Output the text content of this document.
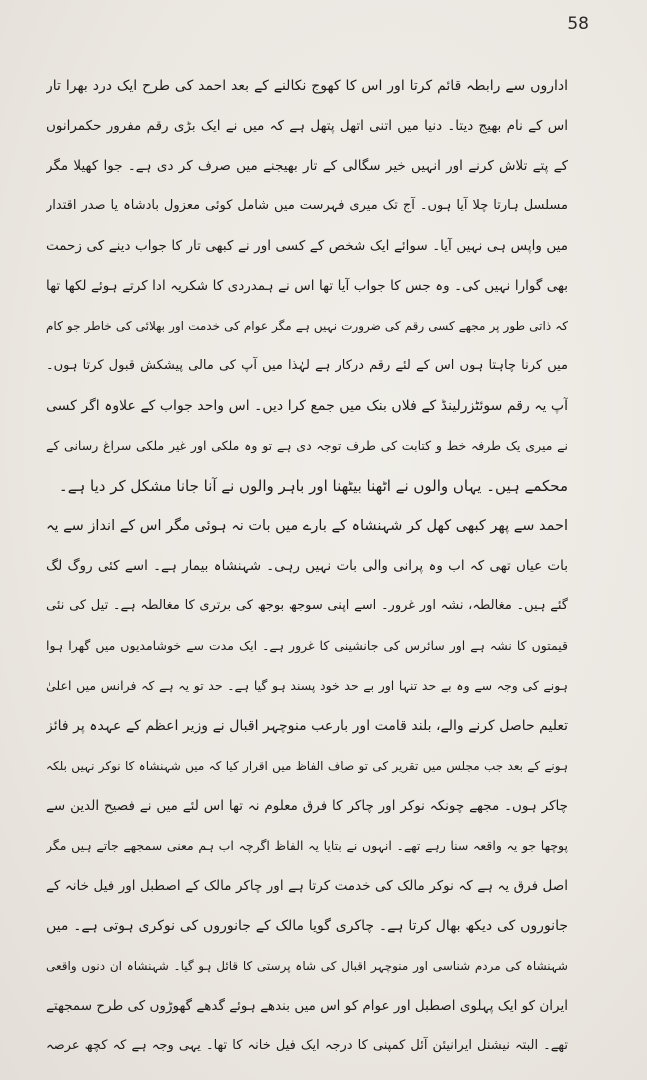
58
اداروں سے رابطہ قائم کرتا اور اس کا کھوج نکالنے کے بعد احمد کی طرح ایک درد بھرا تار
اس کے نام بھیج دیتا۔ دنیا میں اتنی اتھل پتھل ہے کہ میں نے ایک بڑی رقم مفرور حکمرانوں
کے پتے تلاش کرنے اور انہیں خیر سگالی کے تار بھیجنے میں صرف کر دی ہے۔ جوا کھیلا مگر
مسلسل ہارتا چلا آیا ہوں۔ آج تک میری فہرست میں شامل کوئی معزول بادشاہ یا صدر اقتدار
میں واپس ہی نہیں آیا۔ سوائے ایک شخص کے کسی اور نے کبھی تار کا جواب دینے کی زحمت
بھی گوارا نہیں کی۔ وہ جس کا جواب آیا تھا اس نے ہمدردی کا شکریہ ادا کرتے ہوئے لکھا تھا
کہ ذاتی طور پر مجھے کسی رقم کی ضرورت نہیں ہے مگر عوام کی خدمت اور بھلائی کی خاطر جو کام
میں کرنا چاہتا ہوں اس کے لئے رقم درکار ہے لہٰذا میں آپ کی مالی پیشکش قبول کرتا ہوں۔
آپ یہ رقم سوئٹزرلینڈ کے فلاں بنک میں جمع کرا دیں۔ اس واحد جواب کے علاوہ اگر کسی
نے میری یک طرفہ خط و کتابت کی طرف توجہ دی ہے تو وہ ملکی اور غیر ملکی سراغ رسانی کے
محکمے ہیں۔ یہاں والوں نے اٹھنا بیٹھنا اور باہر والوں نے آنا جانا مشکل کر دیا ہے۔
احمد سے پھر کبھی کھل کر شہنشاہ کے بارے میں بات نہ ہوئی مگر اس کے انداز سے یہ
بات عیاں تھی کہ اب وہ پرانی والی بات نہیں رہی۔ شہنشاہ بیمار ہے۔ اسے کئی روگ لگ
گئے ہیں۔ مغالطہ، نشہ اور غرور۔ اسے اپنی سوجھ بوجھ کی برتری کا مغالطہ ہے۔ تیل کی نئی
قیمتوں کا نشہ ہے اور سائرس کی جانشینی کا غرور ہے۔ ایک مدت سے خوشامدیوں میں گھرا ہوا
ہونے کی وجہ سے وہ بے حد تنہا اور بے حد خود پسند ہو گیا ہے۔ حد تو یہ ہے کہ فرانس میں اعلیٰ
تعلیم حاصل کرنے والے، بلند قامت اور بارعب منوچہر اقبال نے وزیر اعظم کے عہدہ پر فائز
ہونے کے بعد جب مجلس میں تقریر کی تو صاف الفاظ میں اقرار کیا کہ میں شہنشاہ کا نوکر نہیں بلکہ
چاکر ہوں۔ مجھے چونکہ نوکر اور چاکر کا فرق معلوم نہ تھا اس لئے میں نے فصیح الدین سے
پوچھا جو یہ واقعہ سنا رہے تھے۔ انہوں نے بتایا یہ الفاظ اگرچہ اب ہم معنی سمجھے جاتے ہیں مگر
اصل فرق یہ ہے کہ نوکر مالک کی خدمت کرتا ہے اور چاکر مالک کے اصطبل اور فیل خانہ کے
جانوروں کی دیکھ بھال کرتا ہے۔ چاکری گویا مالک کے جانوروں کی نوکری ہوتی ہے۔ میں
شہنشاہ کی مردم شناسی اور منوچہر اقبال کی شاہ پرستی کا قائل ہو گیا۔ شہنشاہ ان دنوں واقعی
ایران کو ایک پہلوی اصطبل اور عوام کو اس میں بندھے ہوئے گدھے گھوڑوں کی طرح سمجھتے
تھے۔ البتہ نیشنل ایرانیئن آئل کمپنی کا درجہ ایک فیل خانہ کا تھا۔ یہی وجہ ہے کہ کچھ عرصہ
